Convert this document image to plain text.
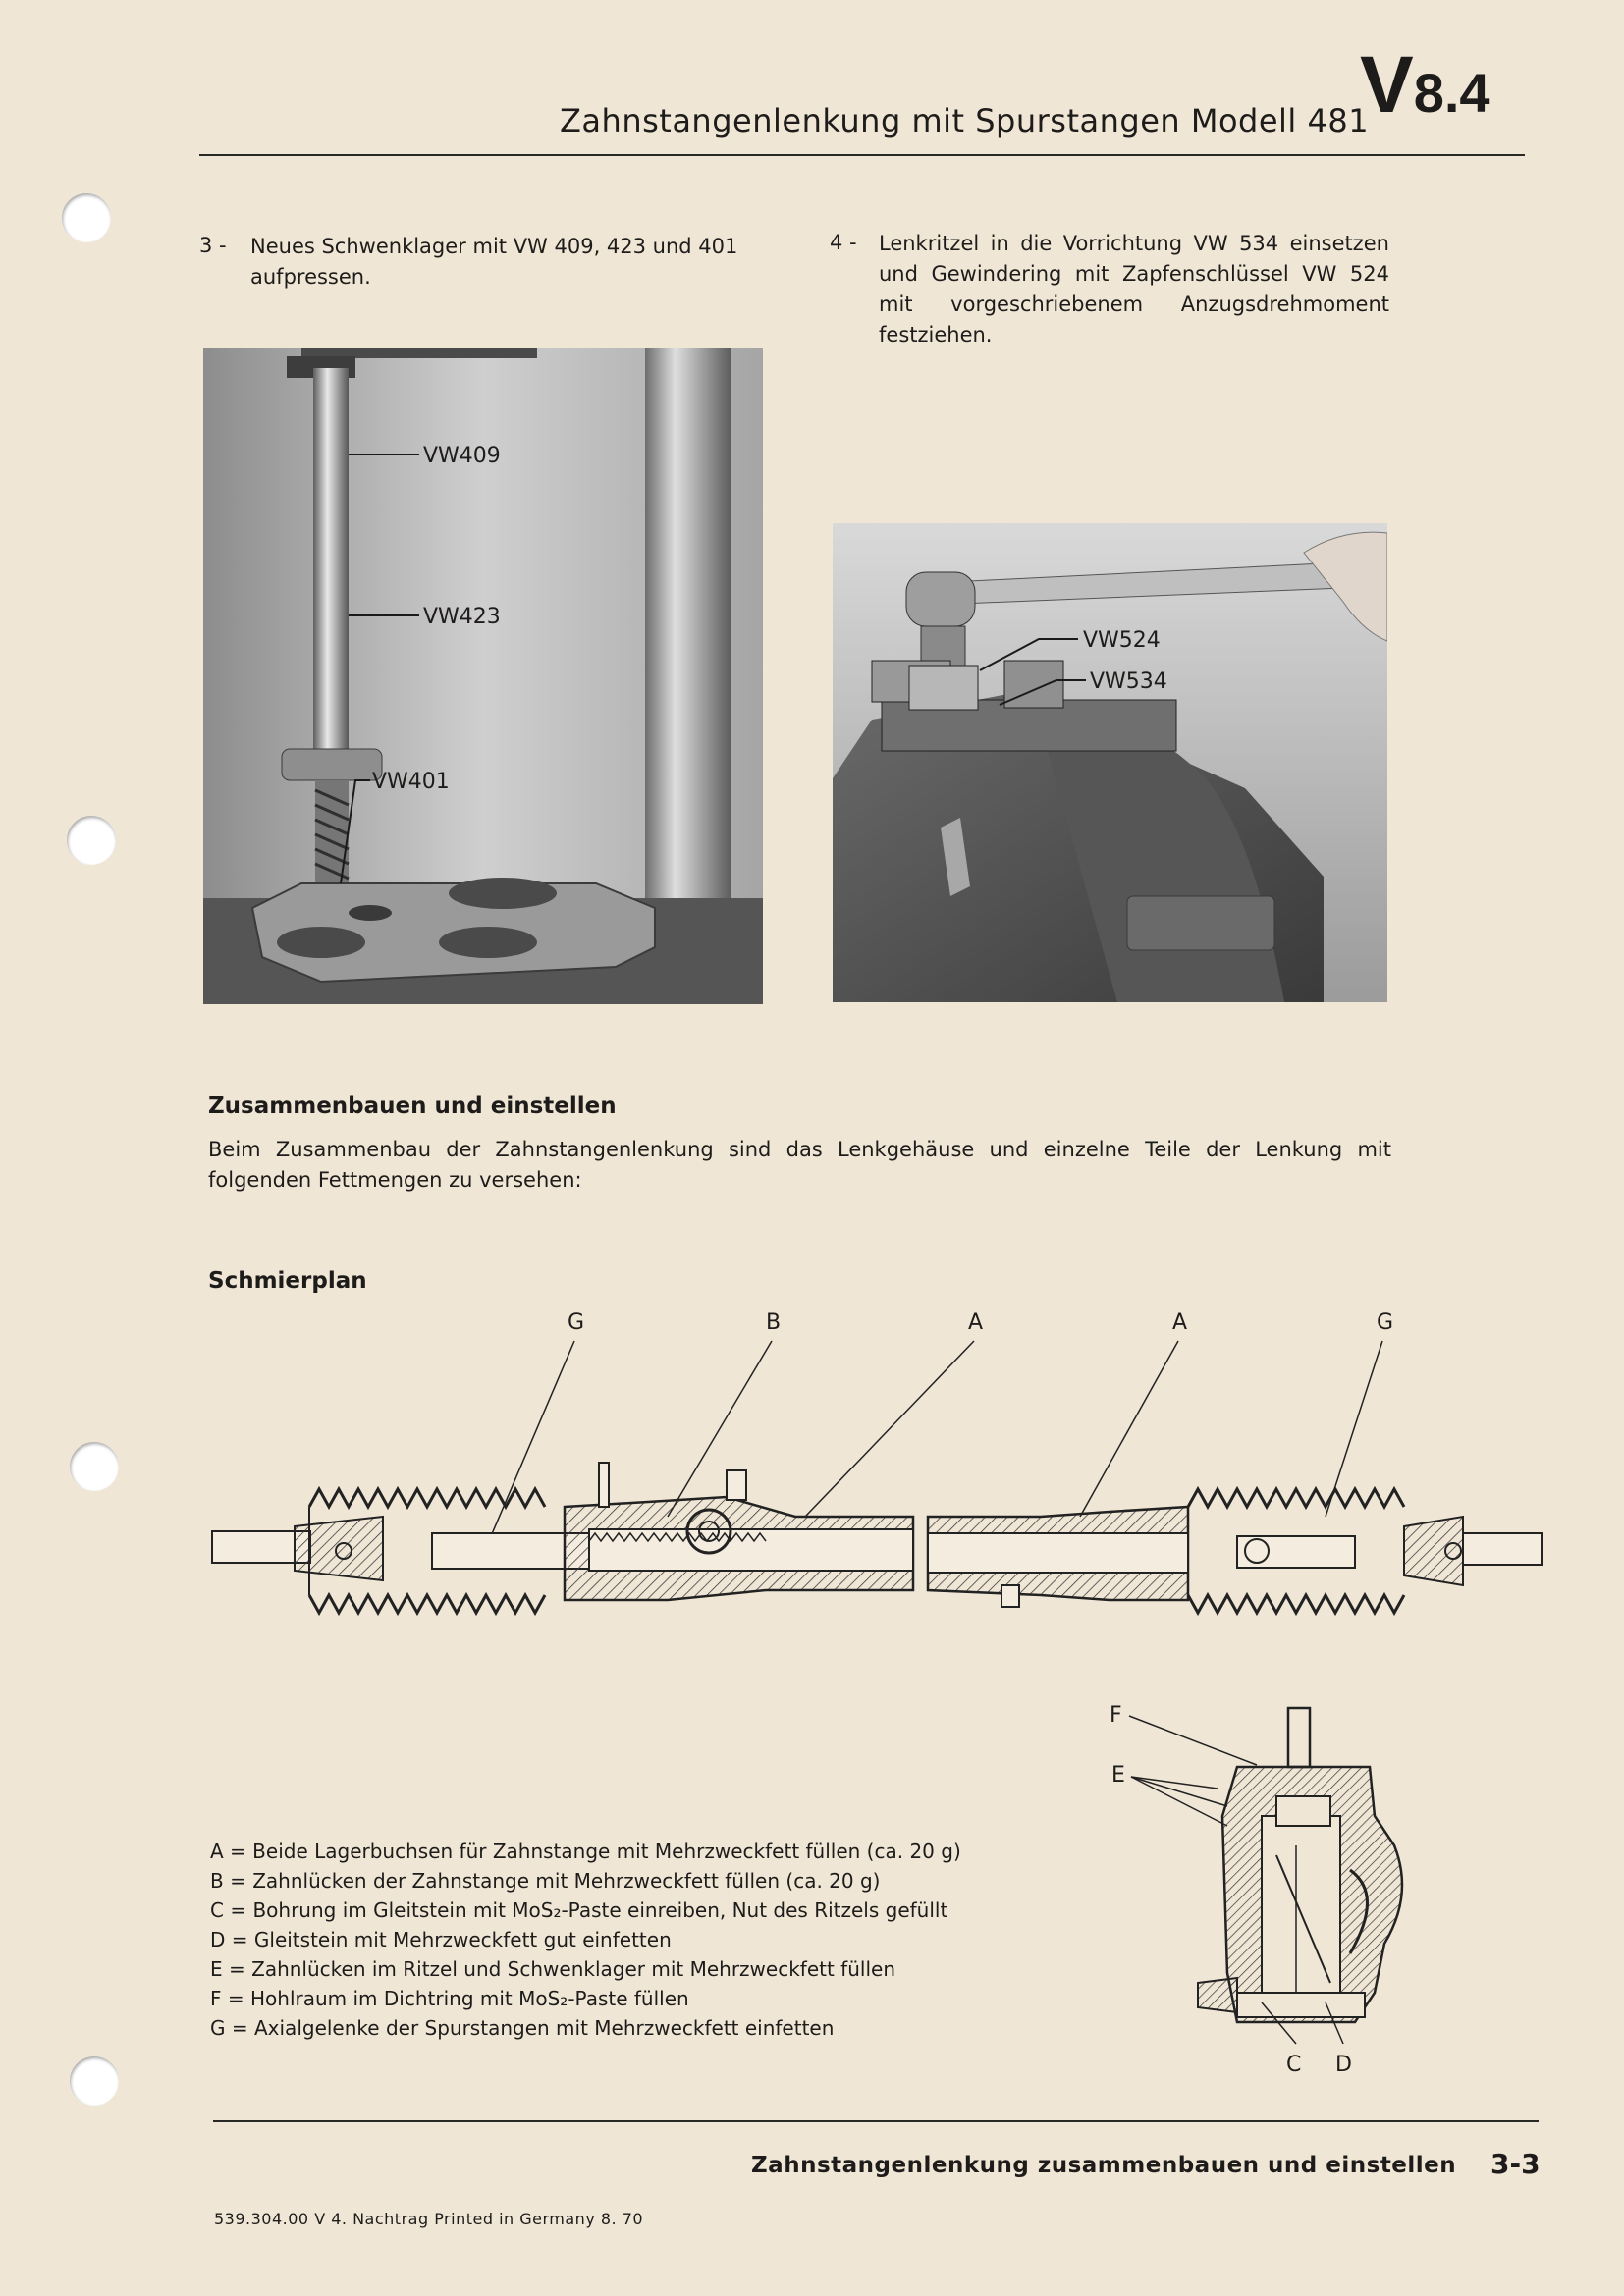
Zahnstangenlenkung mit Spurstangen Modell 481
V8.4
3 - Neues Schwenklager mit VW 409, 423 und 401 aufpressen.
4 - Lenkritzel in die Vorrichtung VW 534 einsetzen und Gewindering mit Zapfenschlüssel VW 524 mit vorgeschriebenem Anzugsdrehmoment festziehen.
VW409
VW423
VW401
VW524
VW534
Zusammenbauen und einstellen
Beim Zusammenbau der Zahnstangenlenkung sind das Lenkgehäuse und einzelne Teile der Lenkung mit folgenden Fettmengen zu versehen:
Schmierplan
G	B	A	A	G
F
E
C D
A = Beide Lagerbuchsen für Zahnstange mit Mehrzweckfett füllen (ca. 20 g)
B = Zahnlücken der Zahnstange mit Mehrzweckfett füllen (ca. 20 g)
C = Bohrung im Gleitstein mit MoS₂-Paste einreiben, Nut des Ritzels gefüllt
D = Gleitstein mit Mehrzweckfett gut einfetten
E = Zahnlücken im Ritzel und Schwenklager mit Mehrzweckfett füllen
F = Hohlraum im Dichtring mit MoS₂-Paste füllen
G = Axialgelenke der Spurstangen mit Mehrzweckfett einfetten
Zahnstangenlenkung zusammenbauen und einstellen 3-3
539.304.00 V 4. Nachtrag Printed in Germany 8. 70
